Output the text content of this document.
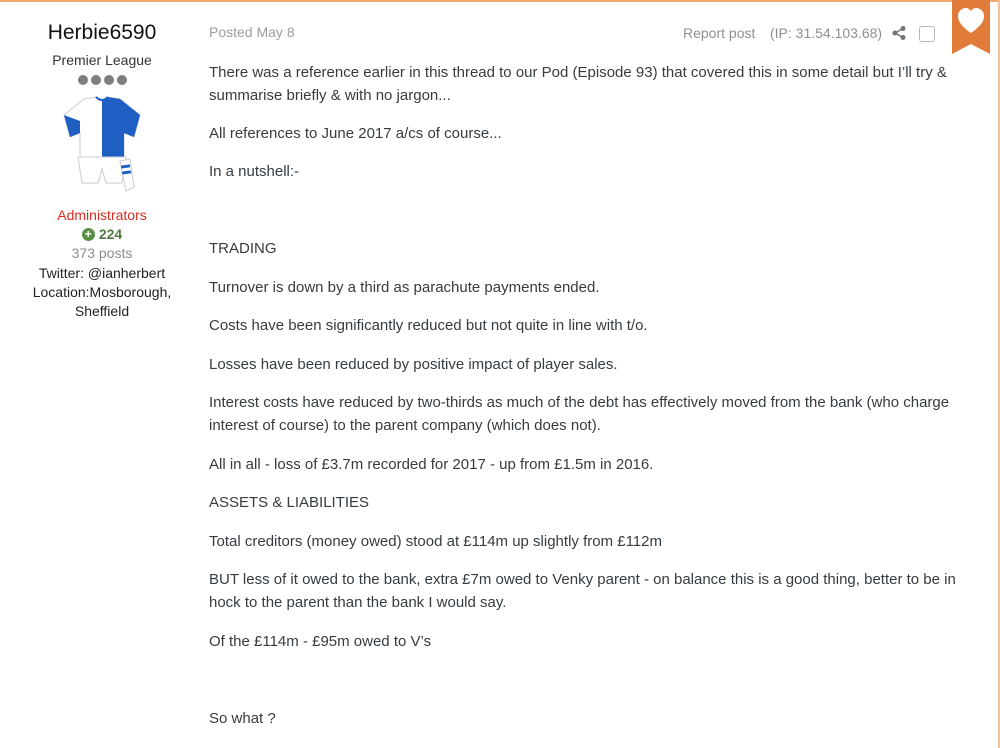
Herbie6590
Premier League
Administrators
+ 224
373 posts
Twitter: @ianherbert
Location:Mosborough,
Sheffield
Posted May 8	Report post (IP: 31.54.103.68)

There was a reference earlier in this thread to our Pod (Episode 93) that covered this in some detail but I’ll try & summarise briefly & with no jargon...

All references to June 2017 a/cs of course...

In a nutshell:-

TRADING

Turnover is down by a third as parachute payments ended.

Costs have been significantly reduced but not quite in line with t/o.

Losses have been reduced by positive impact of player sales.

Interest costs have reduced by two-thirds as much of the debt has effectively moved from the bank (who charge interest of course) to the parent company (which does not).

All in all - loss of £3.7m recorded for 2017 - up from £1.5m in 2016.

ASSETS & LIABILITIES

Total creditors (money owed) stood at £114m up slightly from £112m

BUT less of it owed to the bank, extra £7m owed to Venky parent - on balance this is a good thing, better to be in hock to the parent than the bank I would say.

Of the £114m - £95m owed to V’s

So what ?
